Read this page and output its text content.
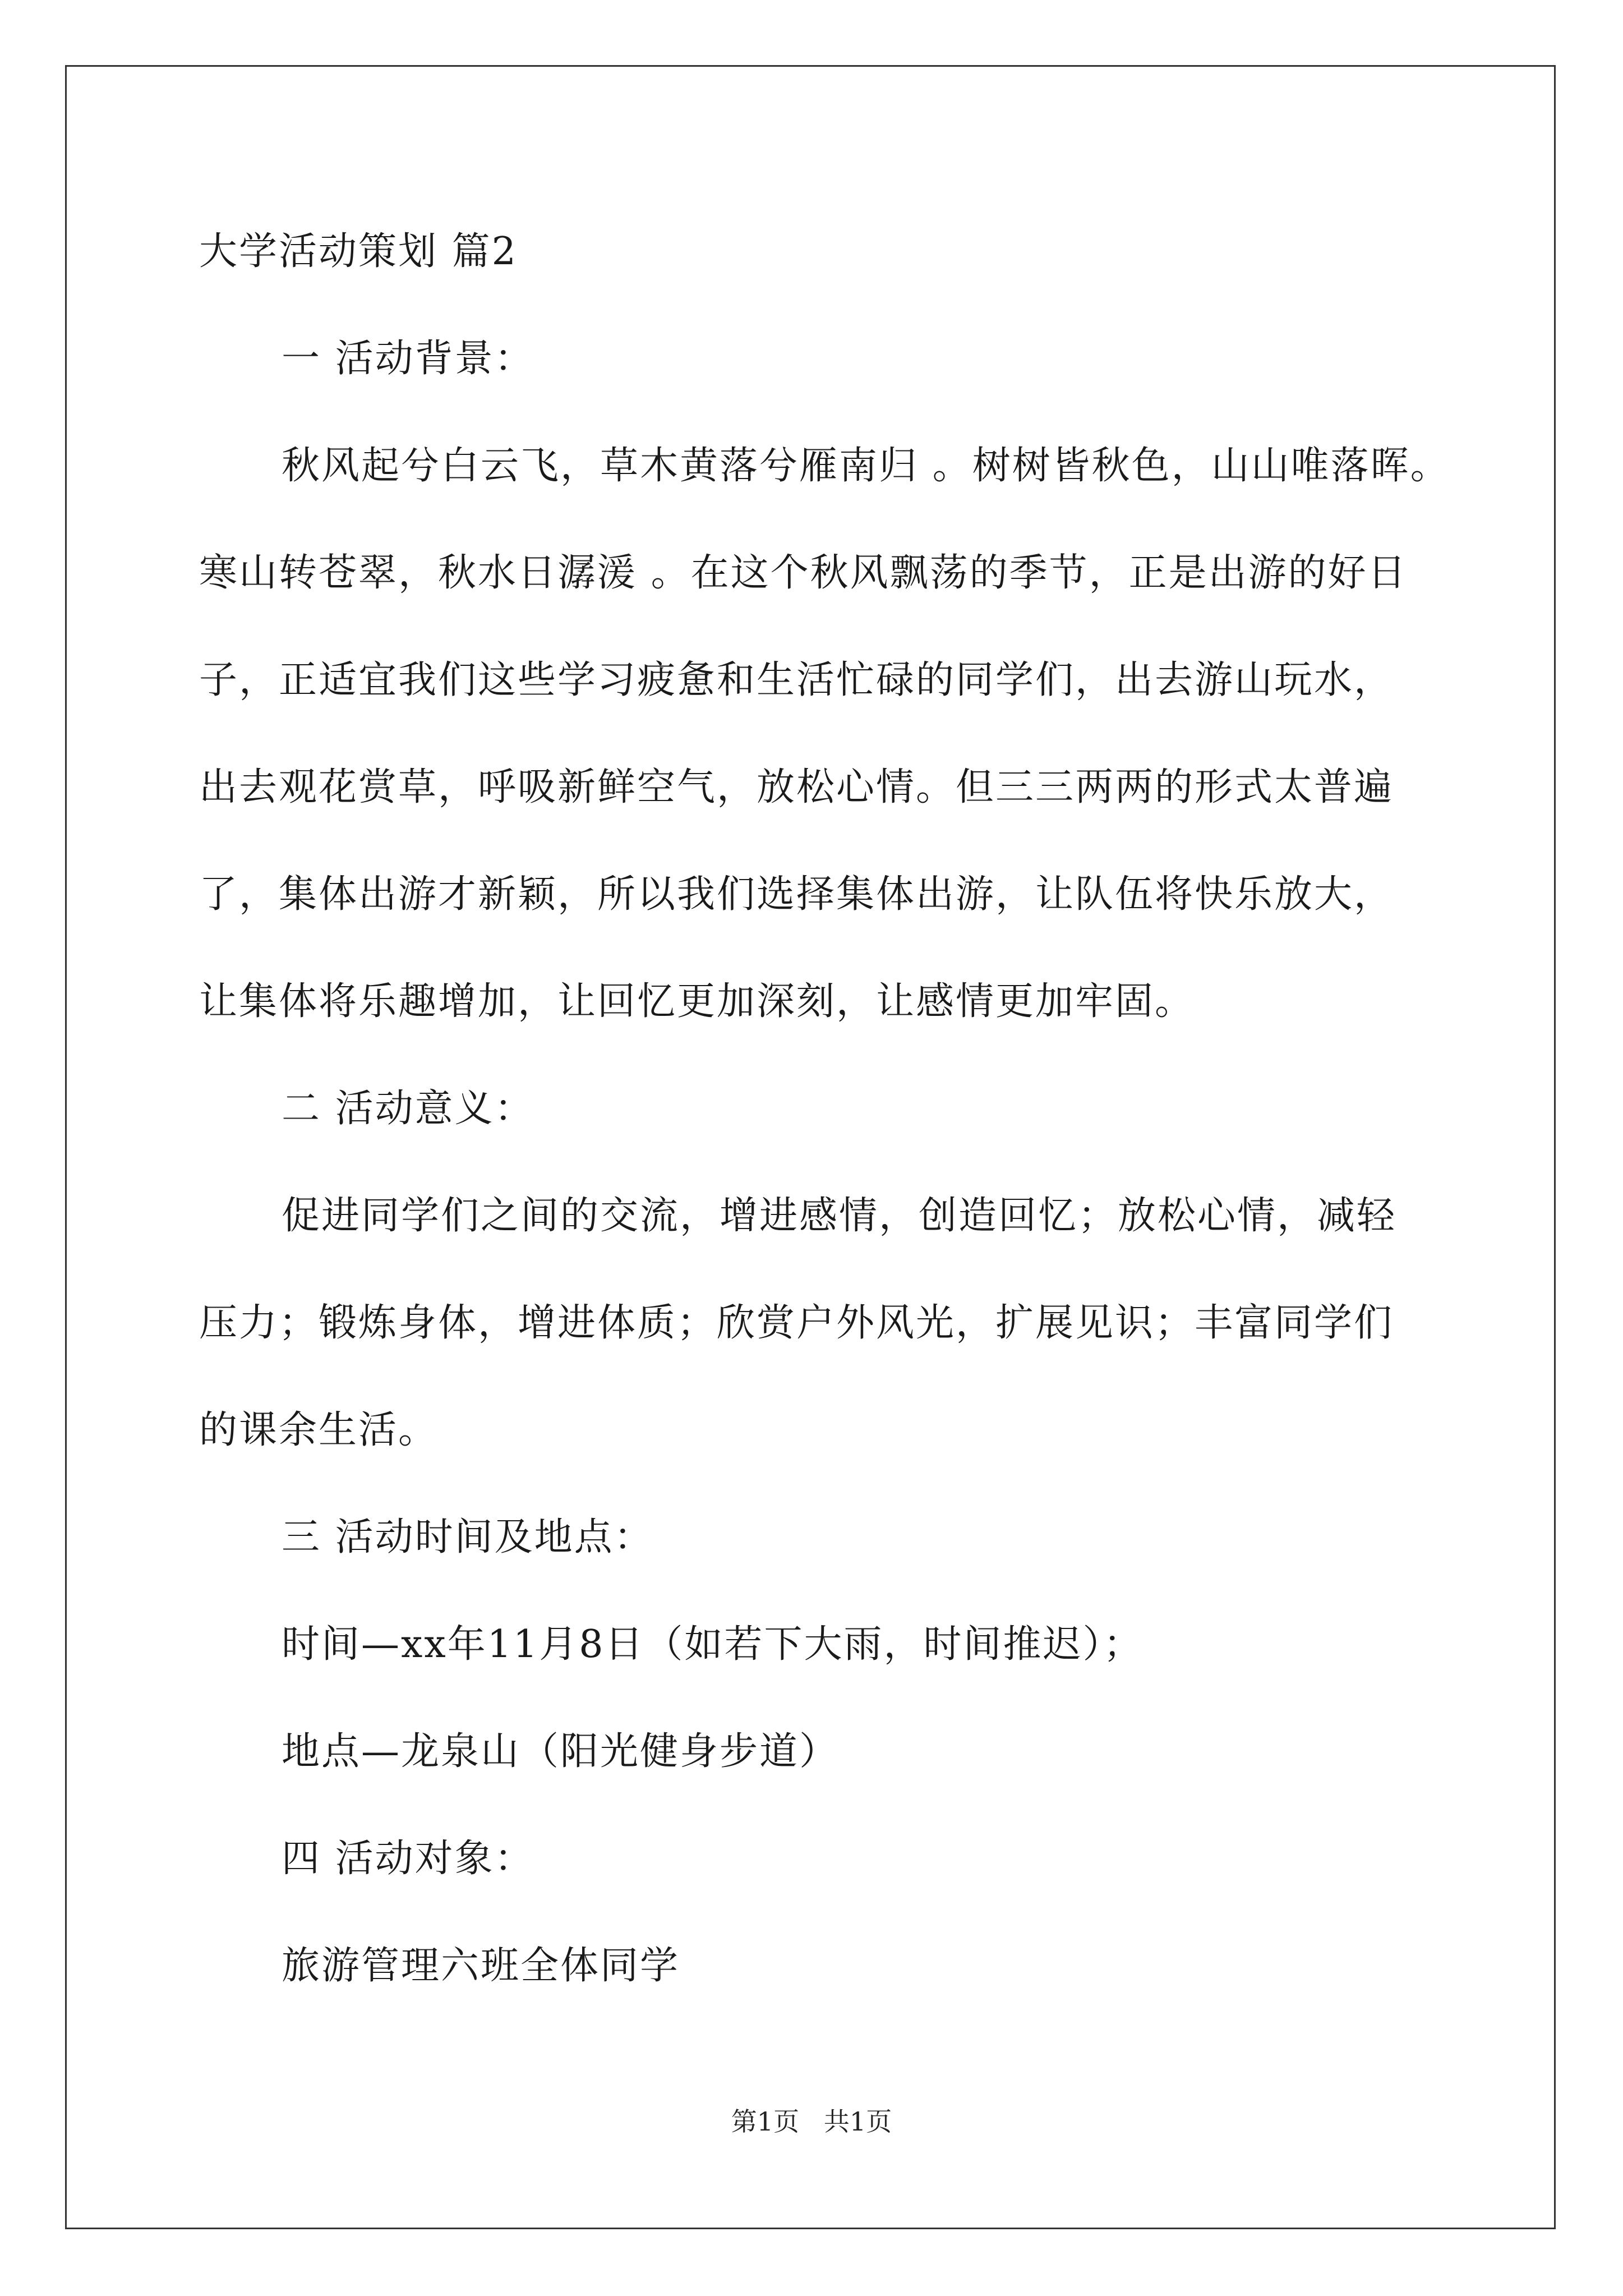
大学活动策划 篇2
一 活动背景：
秋风起兮白云飞，草木黄落兮雁南归 。树树皆秋色，山山唯落晖。
寒山转苍翠，秋水日潺湲 。在这个秋风飘荡的季节，正是出游的好日
子，正适宜我们这些学习疲惫和生活忙碌的同学们，出去游山玩水，
出去观花赏草，呼吸新鲜空气，放松心情。但三三两两的形式太普遍
了，集体出游才新颖，所以我们选择集体出游，让队伍将快乐放大，
让集体将乐趣增加，让回忆更加深刻，让感情更加牢固。
二 活动意义：
促进同学们之间的交流，增进感情，创造回忆；放松心情，减轻
压力；锻炼身体，增进体质；欣赏户外风光，扩展见识；丰富同学们
的课余生活。
三 活动时间及地点：
时间—xx年11月8日（如若下大雨，时间推迟）；
地点—龙泉山（阳光健身步道）
四 活动对象：
旅游管理六班全体同学
第1页   共1页
